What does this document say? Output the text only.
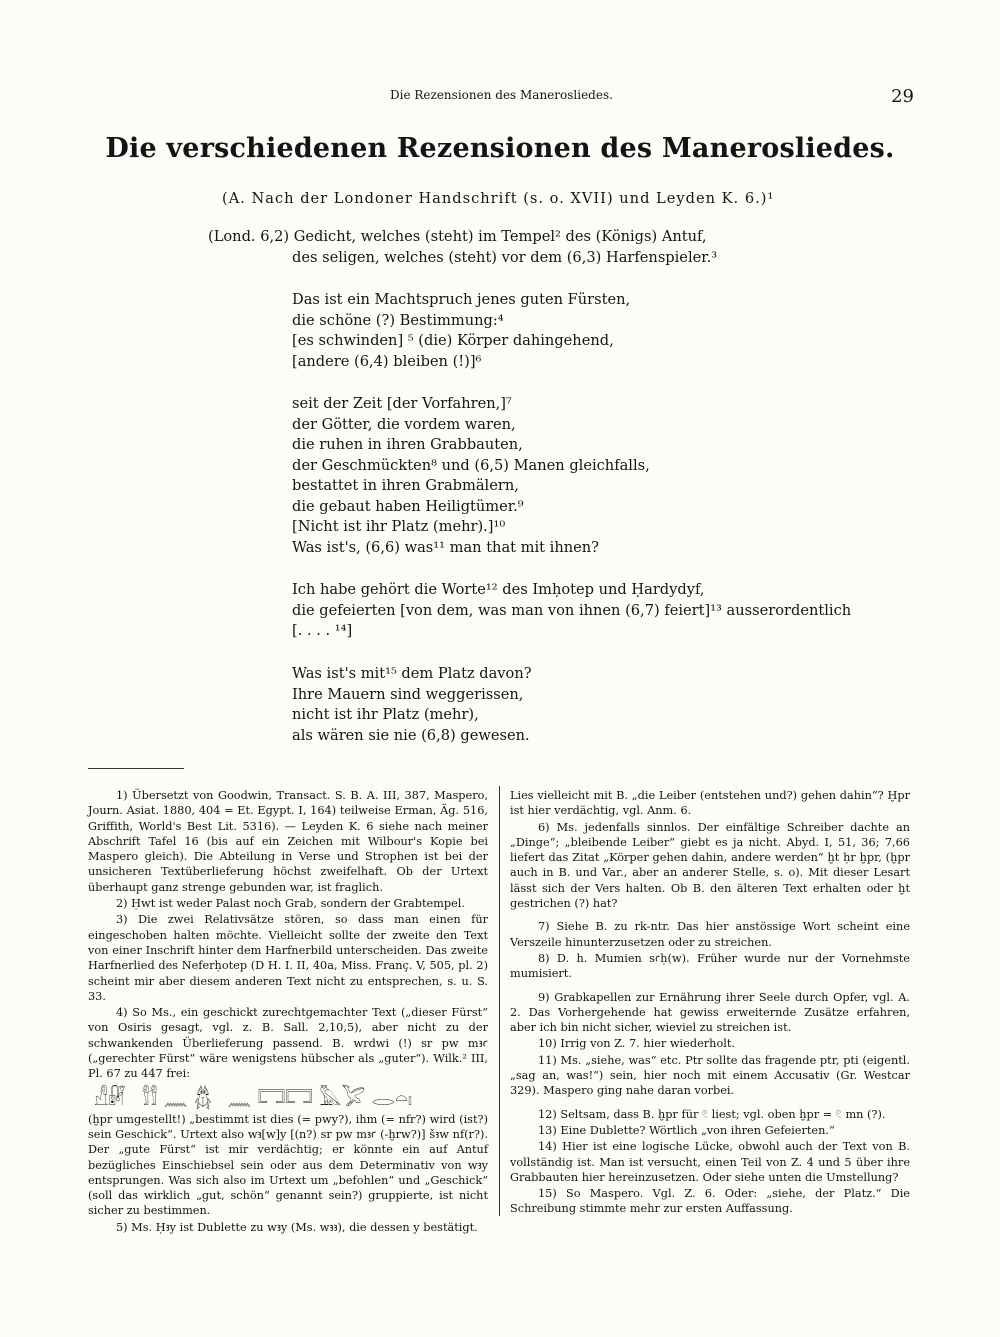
Die Rezensionen des Manerosliedes.	29
Die verschiedenen Rezensionen des Manerosliedes.
(A. Nach der Londoner Handschrift (s. o. XVII) und Leyden K. 6.)¹
(Lond. 6,2) Gedicht, welches (steht) im Tempel² des (Königs) Antuf,
des seligen, welches (steht) vor dem (6,3) Harfenspieler.³
Das ist ein Machtspruch jenes guten Fürsten,
die schöne (?) Bestimmung:⁴
[es schwinden] ⁵ (die) Körper dahingehend,
[andere (6,4) bleiben (!)]⁶
seit der Zeit [der Vorfahren,]⁷
der Götter, die vordem waren,
die ruhen in ihren Grabbauten,
der Geschmückten⁸ und (6,5) Manen gleichfalls,
bestattet in ihren Grabmälern,
die gebaut haben Heiligtümer.⁹
[Nicht ist ihr Platz (mehr).]¹⁰
Was ist's, (6,6) was¹¹ man that mit ihnen?
Ich habe gehört die Worte¹² des Imḥotep und Ḥardydyf,
die gefeierten [von dem, was man von ihnen (6,7) feiert]¹³ ausserordentlich
[. . . . ¹⁴]
Was ist's mit¹⁵ dem Platz davon?
Ihre Mauern sind weggerissen,
nicht ist ihr Platz (mehr),
als wären sie nie (6,8) gewesen.

1) Übersetzt von Goodwin, Transact. S. B. A. III, 387, Maspero, Journ. Asiat. 1880, 404 = Et. Egypt. I, 164) teilweise Erman, Äg. 516, Griffith, World's Best Lit. 5316). — Leyden K. 6 siehe nach meiner Abschrift Tafel 16 (bis auf ein Zeichen mit Wilbour's Kopie bei Maspero gleich). Die Abteilung in Verse und Strophen ist bei der unsicheren Textüberlieferung höchst zweifelhaft. Ob der Urtext überhaupt ganz strenge gebunden war, ist fraglich.

2) Ḥwt ist weder Palast noch Grab, sondern der Grabtempel.

3) Die zwei Relativsätze stören, so dass man einen für eingeschoben halten möchte. Vielleicht sollte der zweite den Text von einer Inschrift hinter dem Harfnerbild unterscheiden. Das zweite Harfnerlied des Neferḥotep (D H. I. II, 40a, Miss. Franç. V, 505, pl. 2) scheint mir aber diesem anderen Text nicht zu entsprechen, s. u. S. 33.

4) So Ms., ein geschickt zurechtgemachter Text („dieser Fürst“ von Osiris gesagt, vgl. z. B. Sall. 2,10,5), aber nicht zu der schwankenden Überlieferung passend. B. wrdwi (!) sr pw mꜣꜥ („gerechter Fürst“ wäre wenigstens hübscher als „guter“). Wilk.² III, Pl. 67 zu 447 frei:

𓀭𓏞 𓀾𓀾 𓈖 𓆣 𓈖 𓉐𓉐 𓅓𓅯 𓂋𓏏𓏤

(ḫpr umgestellt!) „bestimmt ist dies (= pwy?), ihm (= nfr?) wird (ist?) sein Geschick“. Urtext also wꜣ[w]y [(n?) sr pw mꜣꜥ (-ḫrw?)] šꜣw nf(r?). Der „gute Fürst“ ist mir verdächtig; er könnte ein auf Antuf bezügliches Einschiebsel sein oder aus dem Determinativ von wꜣy entsprungen. Was sich also im Urtext um „befohlen“ und „Geschick“ (soll das wirklich „gut, schön“ genannt sein?) gruppierte, ist nicht sicher zu bestimmen.

5) Ms. Ḥꜣy ist Dublette zu wꜣy (Ms. wꜣꜣ), die dessen y bestätigt.

Lies vielleicht mit B. „die Leiber (entstehen und?) gehen dahin“? Ḫpr ist hier verdächtig, vgl. Anm. 6.

6) Ms. jedenfalls sinnlos. Der einfältige Schreiber dachte an „Dinge“; „bleibende Leiber“ giebt es ja nicht. Abyd. I, 51, 36; 7,66 liefert das Zitat „Körper gehen dahin, andere werden“ ḫt ḥr ḫpr, (ḫpr auch in B. und Var., aber an anderer Stelle, s. o). Mit dieser Lesart lässt sich der Vers halten. Ob B. den älteren Text erhalten oder ḫt gestrichen (?) hat?

7) Siehe B. zu rk-ntr. Das hier anstössige Wort scheint eine Verszeile hinunterzusetzen oder zu streichen.

8) D. h. Mumien sꜥḥ(w). Früher wurde nur der Vornehmste mumisiert.

9) Grabkapellen zur Ernährung ihrer Seele durch Opfer, vgl. A. 2. Das Vorhergehende hat gewiss erweiternde Zusätze erfahren, aber ich bin nicht sicher, wieviel zu streichen ist.

10) Irrig von Z. 7. hier wiederholt.

11) Ms. „siehe, was“ etc. Ptr sollte das fragende ptr, pti (eigentl. „sag an, was!“) sein, hier noch mit einem Accusativ (Gr. Westcar 329). Maspero ging nahe daran vorbei.

12) Seltsam, dass B. ḫpr für 𓏲 liest; vgl. oben ḫpr = 𓏲 mn (?).

13) Eine Dublette? Wörtlich „von ihren Gefeierten.“

14) Hier ist eine logische Lücke, obwohl auch der Text von B. vollständig ist. Man ist versucht, einen Teil von Z. 4 und 5 über ihre Grabbauten hier hereinzusetzen. Oder siehe unten die Umstellung?

15) So Maspero. Vgl. Z. 6. Oder: „siehe, der Platz.“ Die Schreibung stimmte mehr zur ersten Auffassung.
